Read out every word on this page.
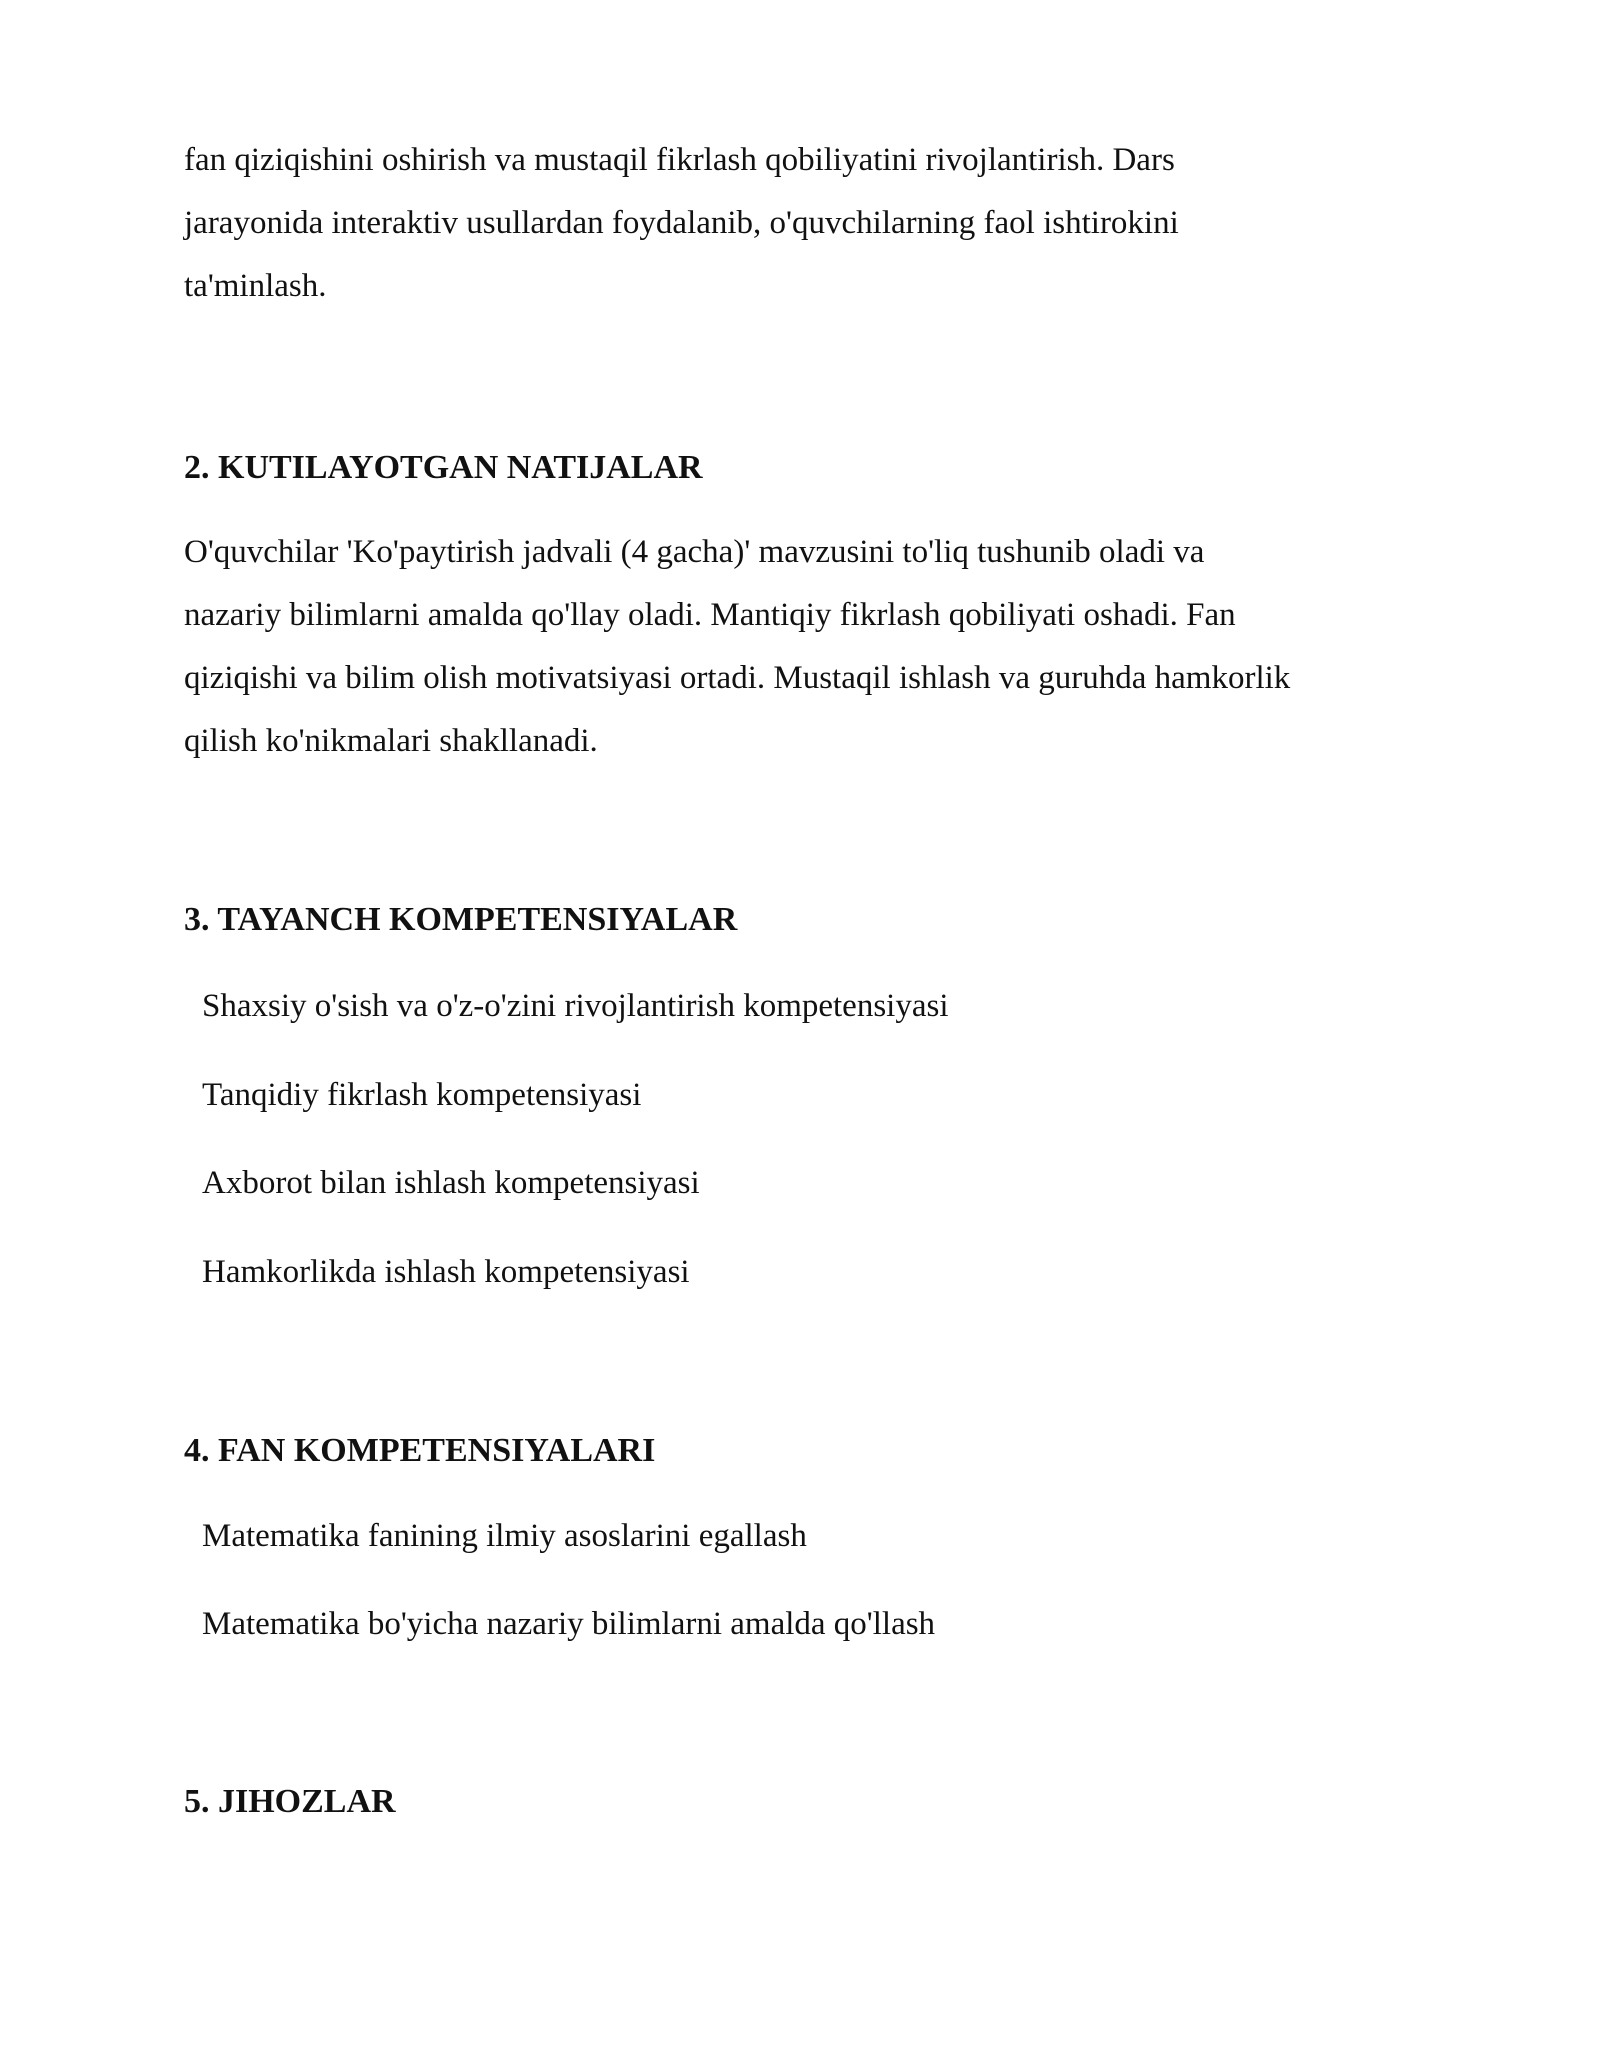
fan qiziqishini oshirish va mustaqil fikrlash qobiliyatini rivojlantirish. Dars

jarayonida interaktiv usullardan foydalanib, o'quvchilarning faol ishtirokini

ta'minlash.

2. KUTILAYOTGAN NATIJALAR

O'quvchilar 'Ko'paytirish jadvali (4 gacha)' mavzusini to'liq tushunib oladi va

nazariy bilimlarni amalda qo'llay oladi. Mantiqiy fikrlash qobiliyati oshadi. Fan

qiziqishi va bilim olish motivatsiyasi ortadi. Mustaqil ishlash va guruhda hamkorlik

qilish ko'nikmalari shakllanadi.

3. TAYANCH KOMPETENSIYALAR

Shaxsiy o'sish va o'z-o'zini rivojlantirish kompetensiyasi

Tanqidiy fikrlash kompetensiyasi

Axborot bilan ishlash kompetensiyasi

Hamkorlikda ishlash kompetensiyasi

4. FAN KOMPETENSIYALARI

Matematika fanining ilmiy asoslarini egallash

Matematika bo'yicha nazariy bilimlarni amalda qo'llash

5. JIHOZLAR
